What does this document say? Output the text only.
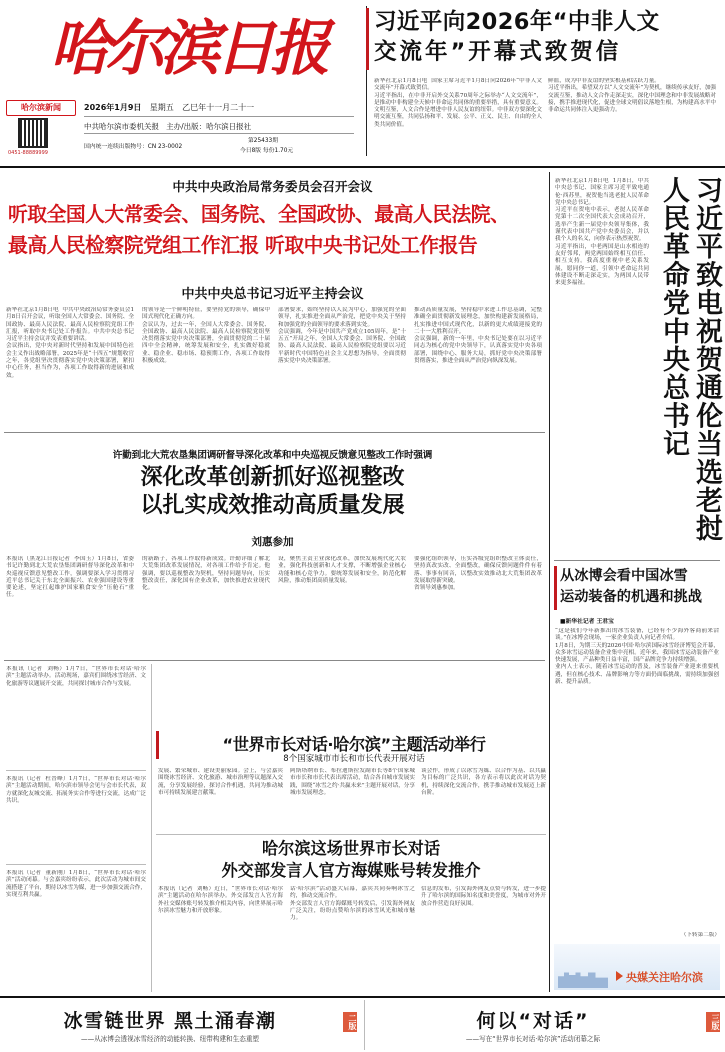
哈尔滨日报
2026年1月9日 星期五 乙巳年十一月二十一
中共哈尔滨市委机关报 主办/出版：哈尔滨日报社
国内统一连续出版物号：CN 23-0002
第25433期
今日8版 每份1.70元
哈尔滨新闻
0451-88889999
习近平向2026年“中非人文
交流年”开幕式致贺信
新华社北京1月8日电  国家主席习近平1月8日向2026年“中非人文交流年”开幕式致贺信。
习近平指出，在中非开启外交关系70周年之际举办“人文交流年”，是推动中非构建全天候中非命运共同体的重要举措，具有重要意义。文明互鉴，人文合作是增进中非人民友谊的纽带。中非双方要深化文明交流互鉴，共同弘扬和平、发展、公平、正义、民主、自由的全人类共同价值。
鲜血，成为中非友谊的坚实根基和活跃力量。
习近平指出，希望双方以“人文交流年”为契机，继续传承友好，加强交流互鉴，推动人文合作走深走实，深化中国理念和中非发展战略对接，携手推进现代化，促进全球文明倡议落地生根，为构建高水平中非命运共同体注入更强动力。
中共中央政治局常务委员会召开会议
听取全国人大常委会、国务院、全国政协、最高人民法院、
最高人民检察院党组工作汇报 听取中央书记处工作报告
中共中央总书记习近平主持会议
新华社北京1月8日电  中共中央政治局常务委员会1月8日召开会议，听取全国人大常委会、国务院、全国政协、最高人民法院、最高人民检察院党组工作汇报，听取中央书记处工作报告。中共中央总书记习近平主持会议并发表重要讲话。
会议指出，党中央对新时代坚持和发展中国特色社会主义作出战略部署，2025年是“十四五”规划收官之年，各党组坚决贯彻落实党中央决策部署，紧扣中心任务，担当作为，各项工作取得新的进展和成效。
的领导是一个鲜明特征，要坚持党的领导，确保中国式现代化正确方向。
会议认为，过去一年，全国人大常委会、国务院、全国政协、最高人民法院、最高人民检察院党组坚决贯彻落实党中央决策部署，全面贯彻党的二十届四中全会精神，统筹发展和安全，扎实做好稳就业、稳企业、稳市场、稳预期工作，各项工作取得积极成效。
部署要求，始终坚持以人民为中心，加强党的全面领导，扎实推进全面从严治党，把党中央关于坚持和加强党的全面领导的要求落到实处。
会议强调，今年是中国共产党成立105周年，是“十五五”开局之年，全国人大常委会、国务院、全国政协、最高人民法院、最高人民检察院党组要以习近平新时代中国特色社会主义思想为指导，全面贯彻落实党中央决策部署。
推动高质量发展，坚持稳中求进工作总基调，完整准确全面贯彻新发展理念，加快构建新发展格局，扎实推进中国式现代化，以新的更大成绩迎接党的二十一大胜利召开。
会议强调，新的一年里，中央书记处要在以习近平同志为核心的党中央领导下，认真落实党中央各项部署，围绕中心、服务大局，抓好党中央决策部署贯彻落实，推进全面从严治党向纵深发展。
许勤到北大荒农垦集团调研督导深化改革和中央巡视反馈意见整改工作时强调
深化改革创新抓好巡视整改
以扎实成效推动高质量发展
刘惠参加
本报讯（黑龙江日报记者  李国玉）1月8日，省委书记许勤到北大荒农垦集团调研督导深化改革和中央巡视反馈意见整改工作，强调要深入学习贯彻习近平总书记关于东北全面振兴、农业强国建设等重要论述，坚定扛起维护国家粮食安全“压舱石”重任。
的新路子，各项工作取得新成效。许勤详细了解北大荒集团改革发展情况，对各项工作给予肯定。他强调，要以巡视整改为契机，坚持问题导向，压实整改责任，深化国有企业改革，加快推进农业现代化。
设，聚焦主责主业深化改革，加快发展现代化大农业，强化科技创新和人才支撑，不断增强企业核心功能和核心竞争力。要统筹发展和安全，防范化解风险，推动集团高质量发展。
要强化组织领导，压实各级党组织整改主体责任，坚持真改实改、全面整改，确保反馈问题件件有着落、事事有回音，以整改实效推动北大荒集团改革发展取得新突破。
省领导刘惠参加。
本报讯（记者  刘畅）1月7日，“世界市长对话·哈尔滨”主题活动举办。活动现场，嘉宾们围绕冰雪经济、文化旅游等议题展开交流，共同探讨城市合作与发展。
本报讯（记者  杜晋峰）1月7日，“世界市长对话·哈尔滨”主题活动期间，哈尔滨市领导会见与会市长代表，双方就深化友城交流、拓展务实合作等进行交流，达成广泛共识。
本报讯（记者  董新刚）1月8日，“世界市长对话·哈尔滨”活动闭幕。与会嘉宾纷纷表示，此次活动为城市间交流搭建了平台，期待以冰雪为媒，进一步加强交流合作，实现互利共赢。
“世界市长对话·哈尔滨”主题活动举行
8个国家城市市长和市长代表开展对话
发展、繁荣城市、建设美丽家园。会上，与会嘉宾围绕冰雪经济、文化旅游、城市治理等议题深入交流，分享发展经验，探讨合作机遇，共同为推动城市可持续发展建言献策。
阿斯塔纳市长、布拉迪斯拉发副市长等8个国家城市市长和市长代表出席活动，结合各自城市发展实践，围绕“冰雪之约·共赢未来”主题开展对话，分享城市发展理念。
谈会作，形成了以冰雪为媒、以合作为基、以共赢为目标的广泛共识，各方表示将以此次对话为契机，持续深化交流合作，携手推动城市发展迈上新台阶。
哈尔滨这场世界市长对话
外交部发言人官方海媒账号转发推介
本报讯（记者  刘畅）近日，“世界市长对话·哈尔滨”主题活动在哈尔滨举办。外交部发言人官方海外社交媒体账号转发推介相关内容，向世界展示哈尔滨冰雪魅力和开放形象。
话·哈尔滨”活动盛大启幕，嘉宾共同奏响冰雪之约，推动交流合作。
外交部发言人官方海媒账号转发后，引发海外网友广泛关注，纷纷点赞哈尔滨的冰雪风光和城市魅力。
信息的发布，引发海外网友点赞与转发，进一步提升了哈尔滨的国际知名度和美誉度，为城市对外开放合作营造良好氛围。
新华社北京1月8日电  1月8日，中共中央总书记、国家主席习近平致电通伦·西苏里，祝贺他当选老挝人民革命党中央总书记。
习近平在贺电中表示，老挝人民革命党第十二次全国代表大会成功召开，选举产生新一届党中央领导集体，我谨代表中国共产党中央委员会，并以我个人的名义，向你表示热烈祝贺。
习近平指出，中老两国是山水相连的友好邻邦，两党两国始终相互信任、相互支持。我高度重视中老关系发展，愿同你一道，引领中老命运共同体建设不断走深走实，为两国人民带来更多福祉。	习近平致电祝贺通伦当选老挝人民革命党中央总书记
从冰博会看中国冰雪
运动装备的机遇和挑战
■新华社记者 王君宝
“这是我们今年新推出的冰雪装备，已经有不少海外客商前来洽谈。”在冰博会现场，一家企业负责人向记者介绍。
1月8日，为期三天的2026中国·哈尔滨国际冰雪经济博览会开幕，众多冰雪运动装备企业集中亮相。近年来，我国冰雪运动装备产业快速发展，产品种类日益丰富，国产品牌竞争力持续增强。
业内人士表示，随着冰雪运动的普及，冰雪装备产业迎来重要机遇，但在核心技术、品牌影响力等方面仍面临挑战，需持续加强创新、提升品质。
（下转第二版）
央媒关注哈尔滨
冰雪链世界 黑土涌春潮
——从冰博会透视冰雪经济的动能转换、纽带构建和生态重塑
二版	何以“对话”
——写在“世界市长对话·哈尔滨”活动闭幕之际
三版
